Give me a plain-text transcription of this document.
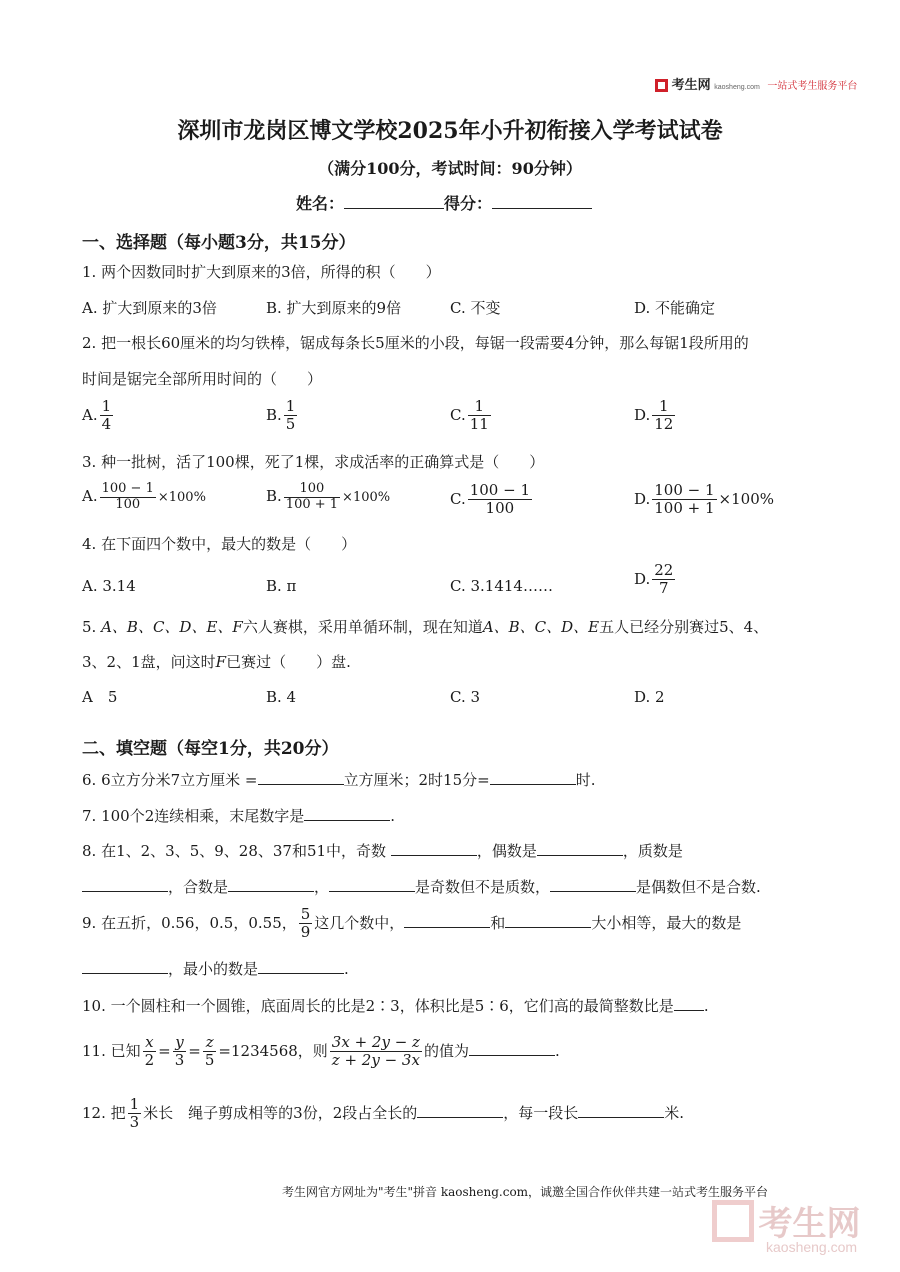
考生网 kaosheng.com 一站式考生服务平台
深圳市龙岗区博文学校2025年小升初衔接入学考试试卷
（满分100分，考试时间：90分钟）
姓名：	得分：
一、选择题（每小题3分，共15分）
1. 两个因数同时扩大到原来的3倍，所得的积（　　）
A. 扩大到原来的3倍	B. 扩大到原来的9倍	C. 不变	D. 不能确定
2. 把一根长60厘米的均匀铁棒，锯成每条长5厘米的小段，每锯一段需要4分钟，那么每锯1段所用的
时间是锯完全部所用时间的（　　）
A. $\frac{1}{4}$	B. $\frac{1}{5}$	C. $\frac{1}{11}$	D. $\frac{1}{12}$
3. 种一批树，活了100棵，死了1棵，求成活率的正确算式是（　　）
A. $\frac{100 - 1}{100} \times 100\%$	B. $\frac{100}{100 + 1} \times 100\%$	C. $\frac{100 - 1}{100}$	D. $\frac{100 - 1}{100 + 1} \times 100\%$
4. 在下面四个数中，最大的数是（　　）
A. 3.14	B. π	C. 3.1414……	D. $\frac{22}{7}$
5. A、B、C、D、E、F六人赛棋，采用单循环制，现在知道A、B、C、D、E五人已经分别赛过5、4、
3、2、1盘，问这时F已赛过（　　）盘.
A　5	B. 4	C. 3	D. 2
二、填空题（每空1分，共20分）
6. 6立方分米7立方厘米 =	立方厘米；2时15分=	时.
7. 100个2连续相乘，末尾数字是	.
8. 在1、2、3、5、9、28、37和51中，奇数	，偶数是	，质数是
，合数是	，	是奇数但不是质数，	是偶数但不是合数.
9. 在五折，0.56，0.5，0.55， $\frac{5}{9}$ 这几个数中，	和	大小相等，最大的数是
，最小的数是	.
10. 一个圆柱和一个圆锥，底面周长的比是2∶3，体积比是5∶6，它们高的最简整数比是 .
11. 已知 $\frac{x}{2} = \frac{y}{3} = \frac{z}{5} =1234568$，则 $\frac{3x + 2y - z}{z + 2y - 3x}$ 的值为	.
12. 把 $\frac{1}{3}$ 米长　绳子剪成相等的3份，2段占全长的	，每一段长	米.
考生网官方网址为"考生"拼音 kaosheng.com，诚邀全国合作伙伴共建一站式考生服务平台
考生网
kaosheng.com
